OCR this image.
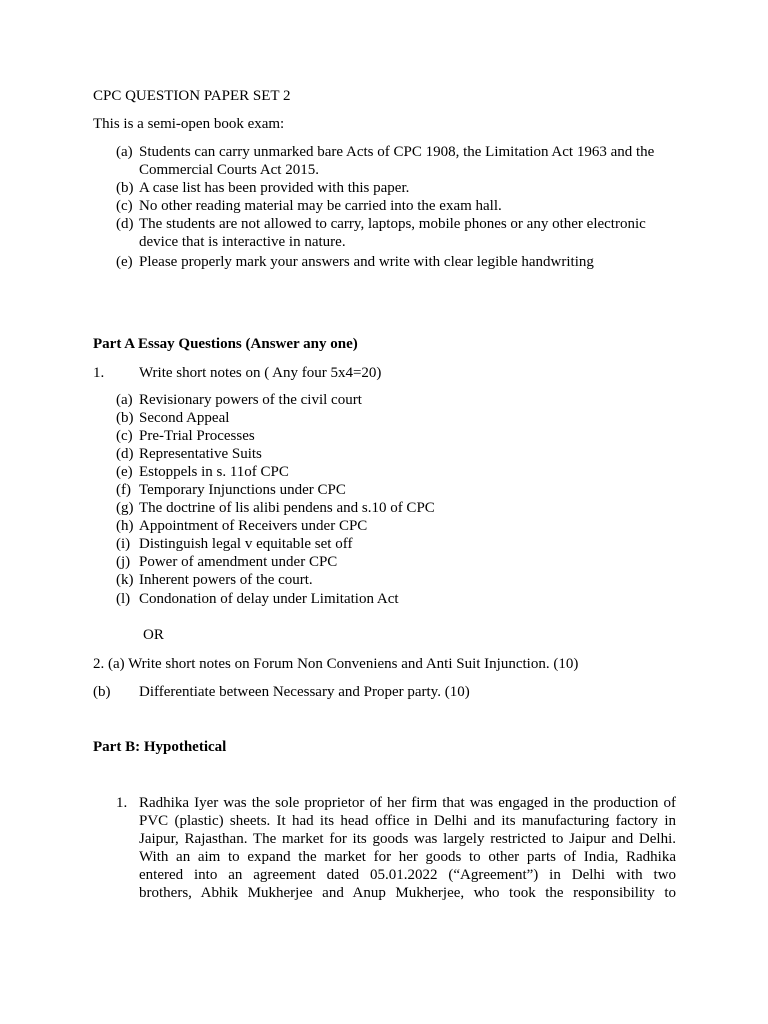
CPC QUESTION PAPER SET 2

This is a semi-open book exam:

(a) Students can carry unmarked bare Acts of CPC 1908, the Limitation Act 1963 and the
Commercial Courts Act 2015.
(b) A case list has been provided with this paper.
(c) No other reading material may be carried into the exam hall.
(d) The students are not allowed to carry, laptops, mobile phones or any other electronic
device that is interactive in nature.
(e) Please properly mark your answers and write with clear legible handwriting

Part A Essay Questions (Answer any one)

1. Write short notes on ( Any four 5x4=20)

(a) Revisionary powers of the civil court
(b) Second Appeal
(c) Pre-Trial Processes
(d) Representative Suits
(e) Estoppels in s. 11of CPC
(f) Temporary Injunctions under CPC
(g) The doctrine of lis alibi pendens and s.10 of CPC
(h) Appointment of Receivers under CPC
(i) Distinguish legal v equitable set off
(j) Power of amendment under CPC
(k) Inherent powers of the court.
(l) Condonation of delay under Limitation Act

OR

2. (a) Write short notes on Forum Non Conveniens and Anti Suit Injunction. (10)

(b) Differentiate between Necessary and Proper party. (10)

Part B: Hypothetical

1. Radhika Iyer was the sole proprietor of her firm that was engaged in the production of
PVC (plastic) sheets. It had its head office in Delhi and its manufacturing factory in
Jaipur, Rajasthan. The market for its goods was largely restricted to Jaipur and Delhi.
With an aim to expand the market for her goods to other parts of India, Radhika
entered into an agreement dated 05.01.2022 (“Agreement”) in Delhi with two
brothers, Abhik Mukherjee and Anup Mukherjee, who took the responsibility to
